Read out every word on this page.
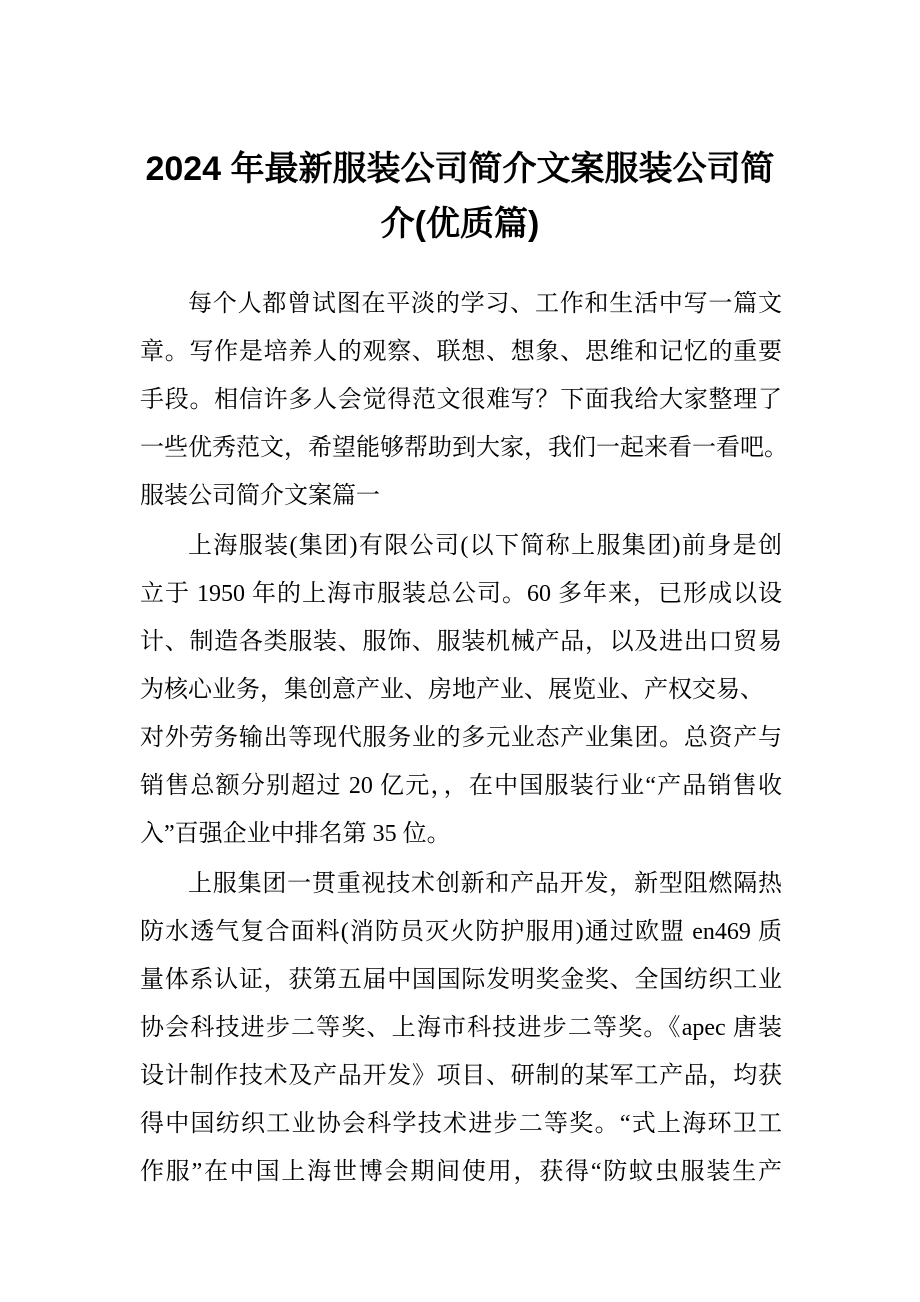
2024 年最新服装公司简介文案服装公司简
介(优质篇)
每个人都曾试图在平淡的学习、工作和生活中写一篇文
章。写作是培养人的观察、联想、想象、思维和记忆的重要
手段。相信许多人会觉得范文很难写？下面我给大家整理了
一些优秀范文，希望能够帮助到大家，我们一起来看一看吧。
服装公司简介文案篇一
上海服装(集团)有限公司(以下简称上服集团)前身是创
立于 1950 年的上海市服装总公司。60 多年来，已形成以设
计、制造各类服装、服饰、服装机械产品，以及进出口贸易
为核心业务，集创意产业、房地产业、展览业、产权交易、
对外劳务输出等现代服务业的多元业态产业集团。总资产与
销售总额分别超过 20 亿元，，在中国服装行业“产品销售收
入”百强企业中排名第 35 位。
上服集团一贯重视技术创新和产品开发，新型阻燃隔热
防水透气复合面料(消防员灭火防护服用)通过欧盟 en469 质
量体系认证，获第五届中国国际发明奖金奖、全国纺织工业
协会科技进步二等奖、上海市科技进步二等奖。《apec 唐装
设计制作技术及产品开发》项目、研制的某军工产品，均获
得中国纺织工业协会科学技术进步二等奖。“式上海环卫工
作服”在中国上海世博会期间使用，获得“防蚊虫服装生产
